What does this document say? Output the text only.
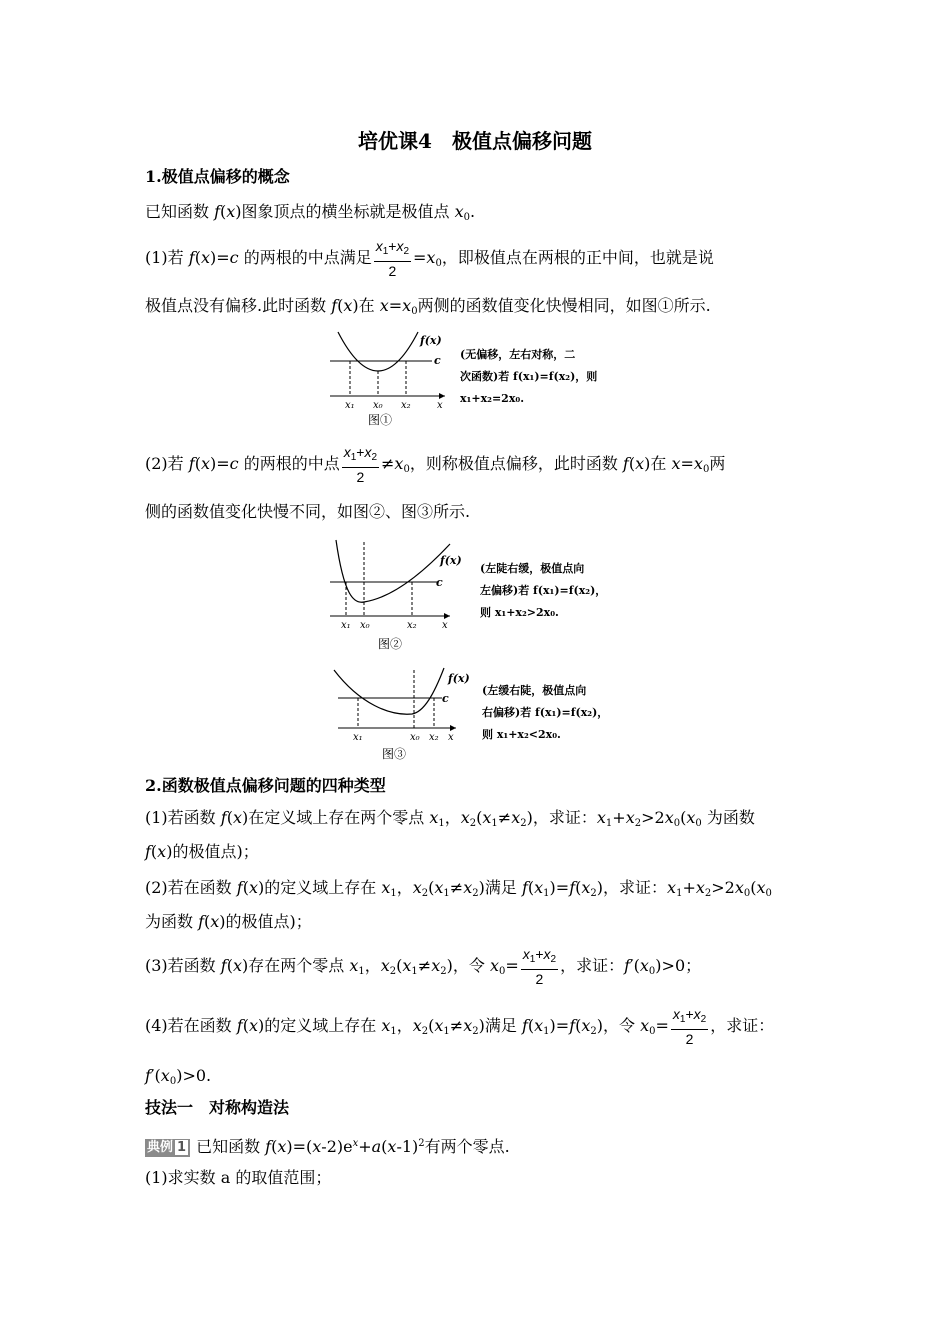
培优课4　极值点偏移问题
1.极值点偏移的概念
已知函数 f(x)图象顶点的横坐标就是极值点 $x_0$.
(1)若 f(x)=c 的两根的中点满足 $\frac{x_1+x_2}{2} =x_0$，即极值点在两根的正中间，也就是说
极值点没有偏移.此时函数 f(x)在 $x=x_0$两侧的函数值变化快慢相同，如图①所示.
f(x)
c
x₁ x₀ x₂	x
图①
(无偏移，左右对称，二
次函数)若 f(x₁)=f(x₂)，则
x₁+x₂=2x₀.
(2)若 f(x)=c 的两根的中点 $\frac{x_1+x_2}{2} \ne x_0$，则称极值点偏移，此时函数 f(x)在 $x=x_0$两
侧的函数值变化快慢不同，如图②、图③所示.
f(x)
c
x₁ x₀	x₂	x
图②
(左陡右缓，极值点向
左偏移)若 f(x₁)=f(x₂)，
则 x₁+x₂>2x₀.
f(x)
c
x₁	x₀ x₂ x
图③
(左缓右陡，极值点向
右偏移)若 f(x₁)=f(x₂)，
则 x₁+x₂<2x₀.
2.函数极值点偏移问题的四种类型
(1)若函数 f(x)在定义域上存在两个零点 $x_1$，$x_2(x_1\ne x_2)$，求证：$x_1+x_2>2x_0(x_0$ 为函数
f(x)的极值点)；
(2)若在函数 f(x)的定义域上存在 $x_1$，$x_2(x_1\ne x_2)$满足 $f(x_1)=f(x_2)$，求证：$x_1+x_2>2x_0(x_0$
为函数 f(x)的极值点)；
(3)若函数 f(x)存在两个零点 $x_1$，$x_2(x_1\ne x_2)$，令 $x_0= \frac{x_1+x_2}{2}$ ，求证：$f'(x_0)>0$；
(4)若在函数 f(x)的定义域上存在 $x_1$，$x_2(x_1\ne x_2)$满足 $f(x_1)=f(x_2)$，令 $x_0= \frac{x_1+x_2}{2}$ ，求证：
$f'(x_0)>0$.
技法一　对称构造法
典例 1 已知函数 $f(x)=(x-2)e^x+a(x-1)^2$有两个零点.
(1)求实数 a 的取值范围；
